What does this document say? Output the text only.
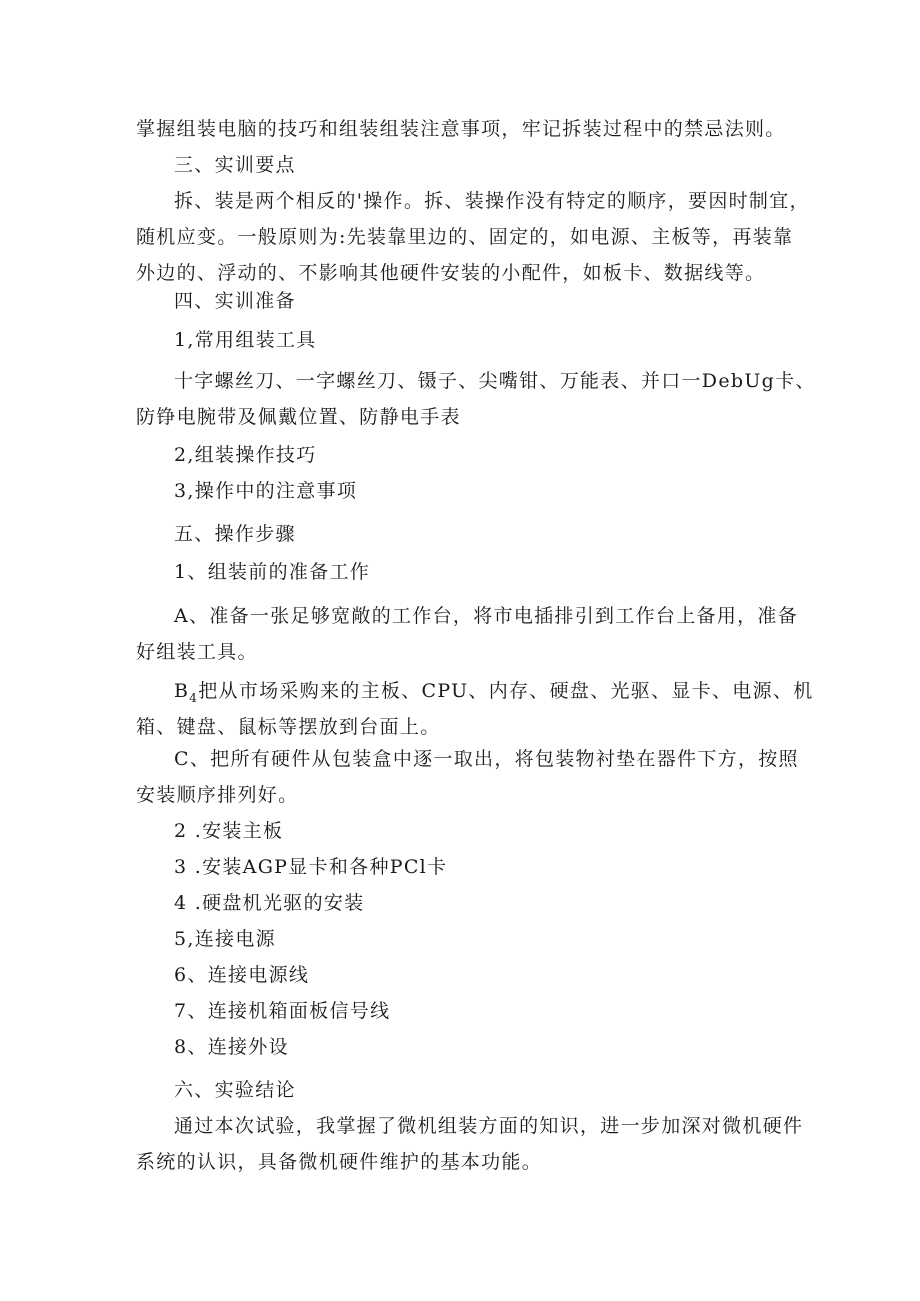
掌握组装电脑的技巧和组装组装注意事项，牢记拆装过程中的禁忌法则。

三、实训要点

拆、装是两个相反的'操作。拆、装操作没有特定的顺序，要因时制宜，
随机应变。一般原则为:先装靠里边的、固定的，如电源、主板等，再装靠
外边的、浮动的、不影响其他硬件安装的小配件，如板卡、数据线等。

四、实训准备

1,常用组装工具

十字螺丝刀、一字螺丝刀、镊子、尖嘴钳、万能表、并口一DebUg卡、
防铮电腕带及佩戴位置、防静电手表

2,组装操作技巧

3,操作中的注意事项

五、操作步骤

1、组装前的准备工作

A、准备一张足够宽敞的工作台，将市电插排引到工作台上备用，准备
好组装工具。

$B_4$把从市场采购来的主板、CPU、内存、硬盘、光驱、显卡、电源、机
箱、键盘、鼠标等摆放到台面上。

C、把所有硬件从包装盒中逐一取出，将包装物衬垫在器件下方，按照
安装顺序排列好。

2 .安装主板

3 .安装AGP显卡和各种PCl卡

4 .硬盘机光驱的安装

5,连接电源

6、连接电源线

7、连接机箱面板信号线

8、连接外设

六、实验结论

通过本次试验，我掌握了微机组装方面的知识，进一步加深对微机硬件
系统的认识，具备微机硬件维护的基本功能。
